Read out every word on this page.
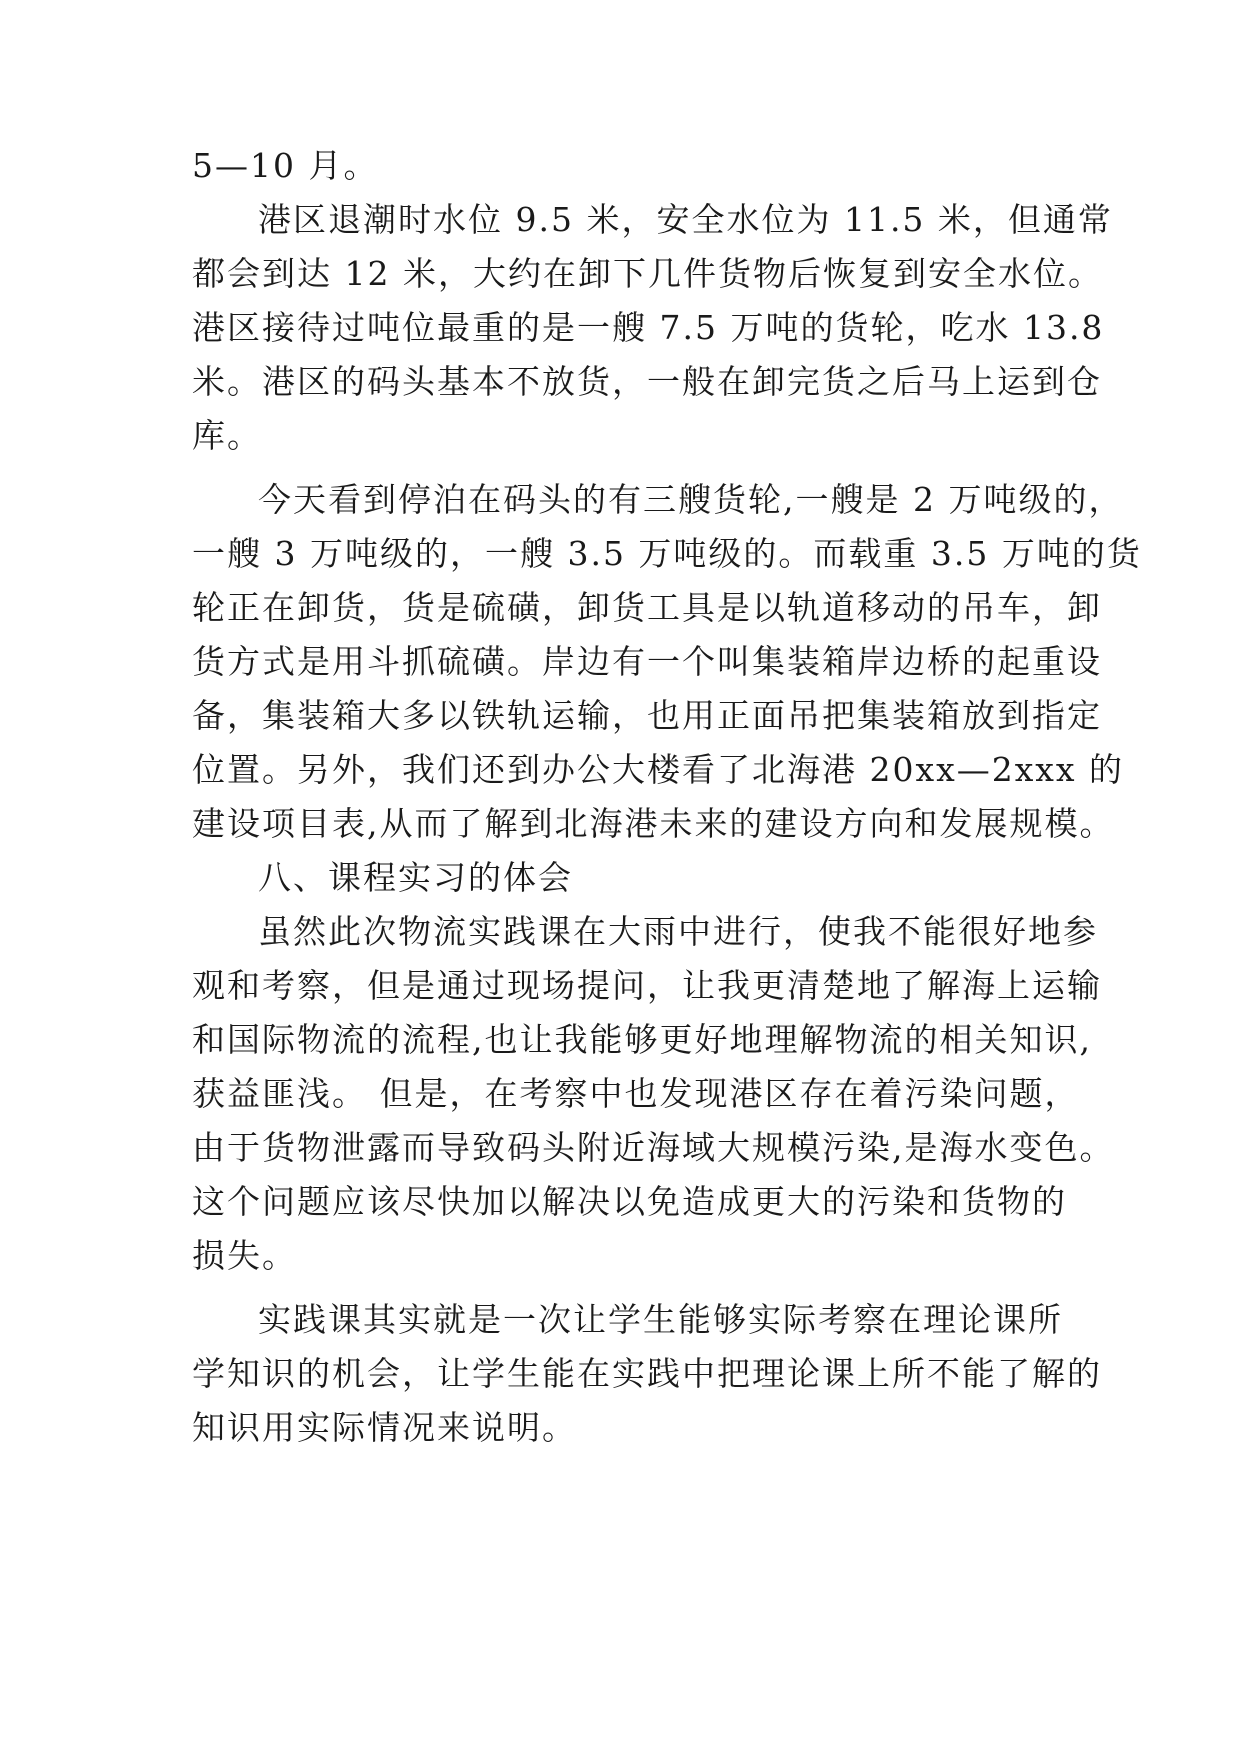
5—10 月。
港区退潮时水位 9.5 米，安全水位为 11.5 米，但通常
都会到达 12 米，大约在卸下几件货物后恢复到安全水位。
港区接待过吨位最重的是一艘 7.5 万吨的货轮，吃水 13.8
米。港区的码头基本不放货，一般在卸完货之后马上运到仓
库。
今天看到停泊在码头的有三艘货轮,一艘是 2 万吨级的，
一艘 3 万吨级的，一艘 3.5 万吨级的。而载重 3.5 万吨的货
轮正在卸货，货是硫磺，卸货工具是以轨道移动的吊车，卸
货方式是用斗抓硫磺。岸边有一个叫集装箱岸边桥的起重设
备，集装箱大多以铁轨运输，也用正面吊把集装箱放到指定
位置。另外，我们还到办公大楼看了北海港 20xx—2xxx 的
建设项目表,从而了解到北海港未来的建设方向和发展规模。
八、课程实习的体会
虽然此次物流实践课在大雨中进行，使我不能很好地参
观和考察，但是通过现场提问，让我更清楚地了解海上运输
和国际物流的流程,也让我能够更好地理解物流的相关知识,
获益匪浅。 但是，在考察中也发现港区存在着污染问题，
由于货物泄露而导致码头附近海域大规模污染,是海水变色。
这个问题应该尽快加以解决以免造成更大的污染和货物的
损失。
实践课其实就是一次让学生能够实际考察在理论课所
学知识的机会，让学生能在实践中把理论课上所不能了解的
知识用实际情况来说明。
